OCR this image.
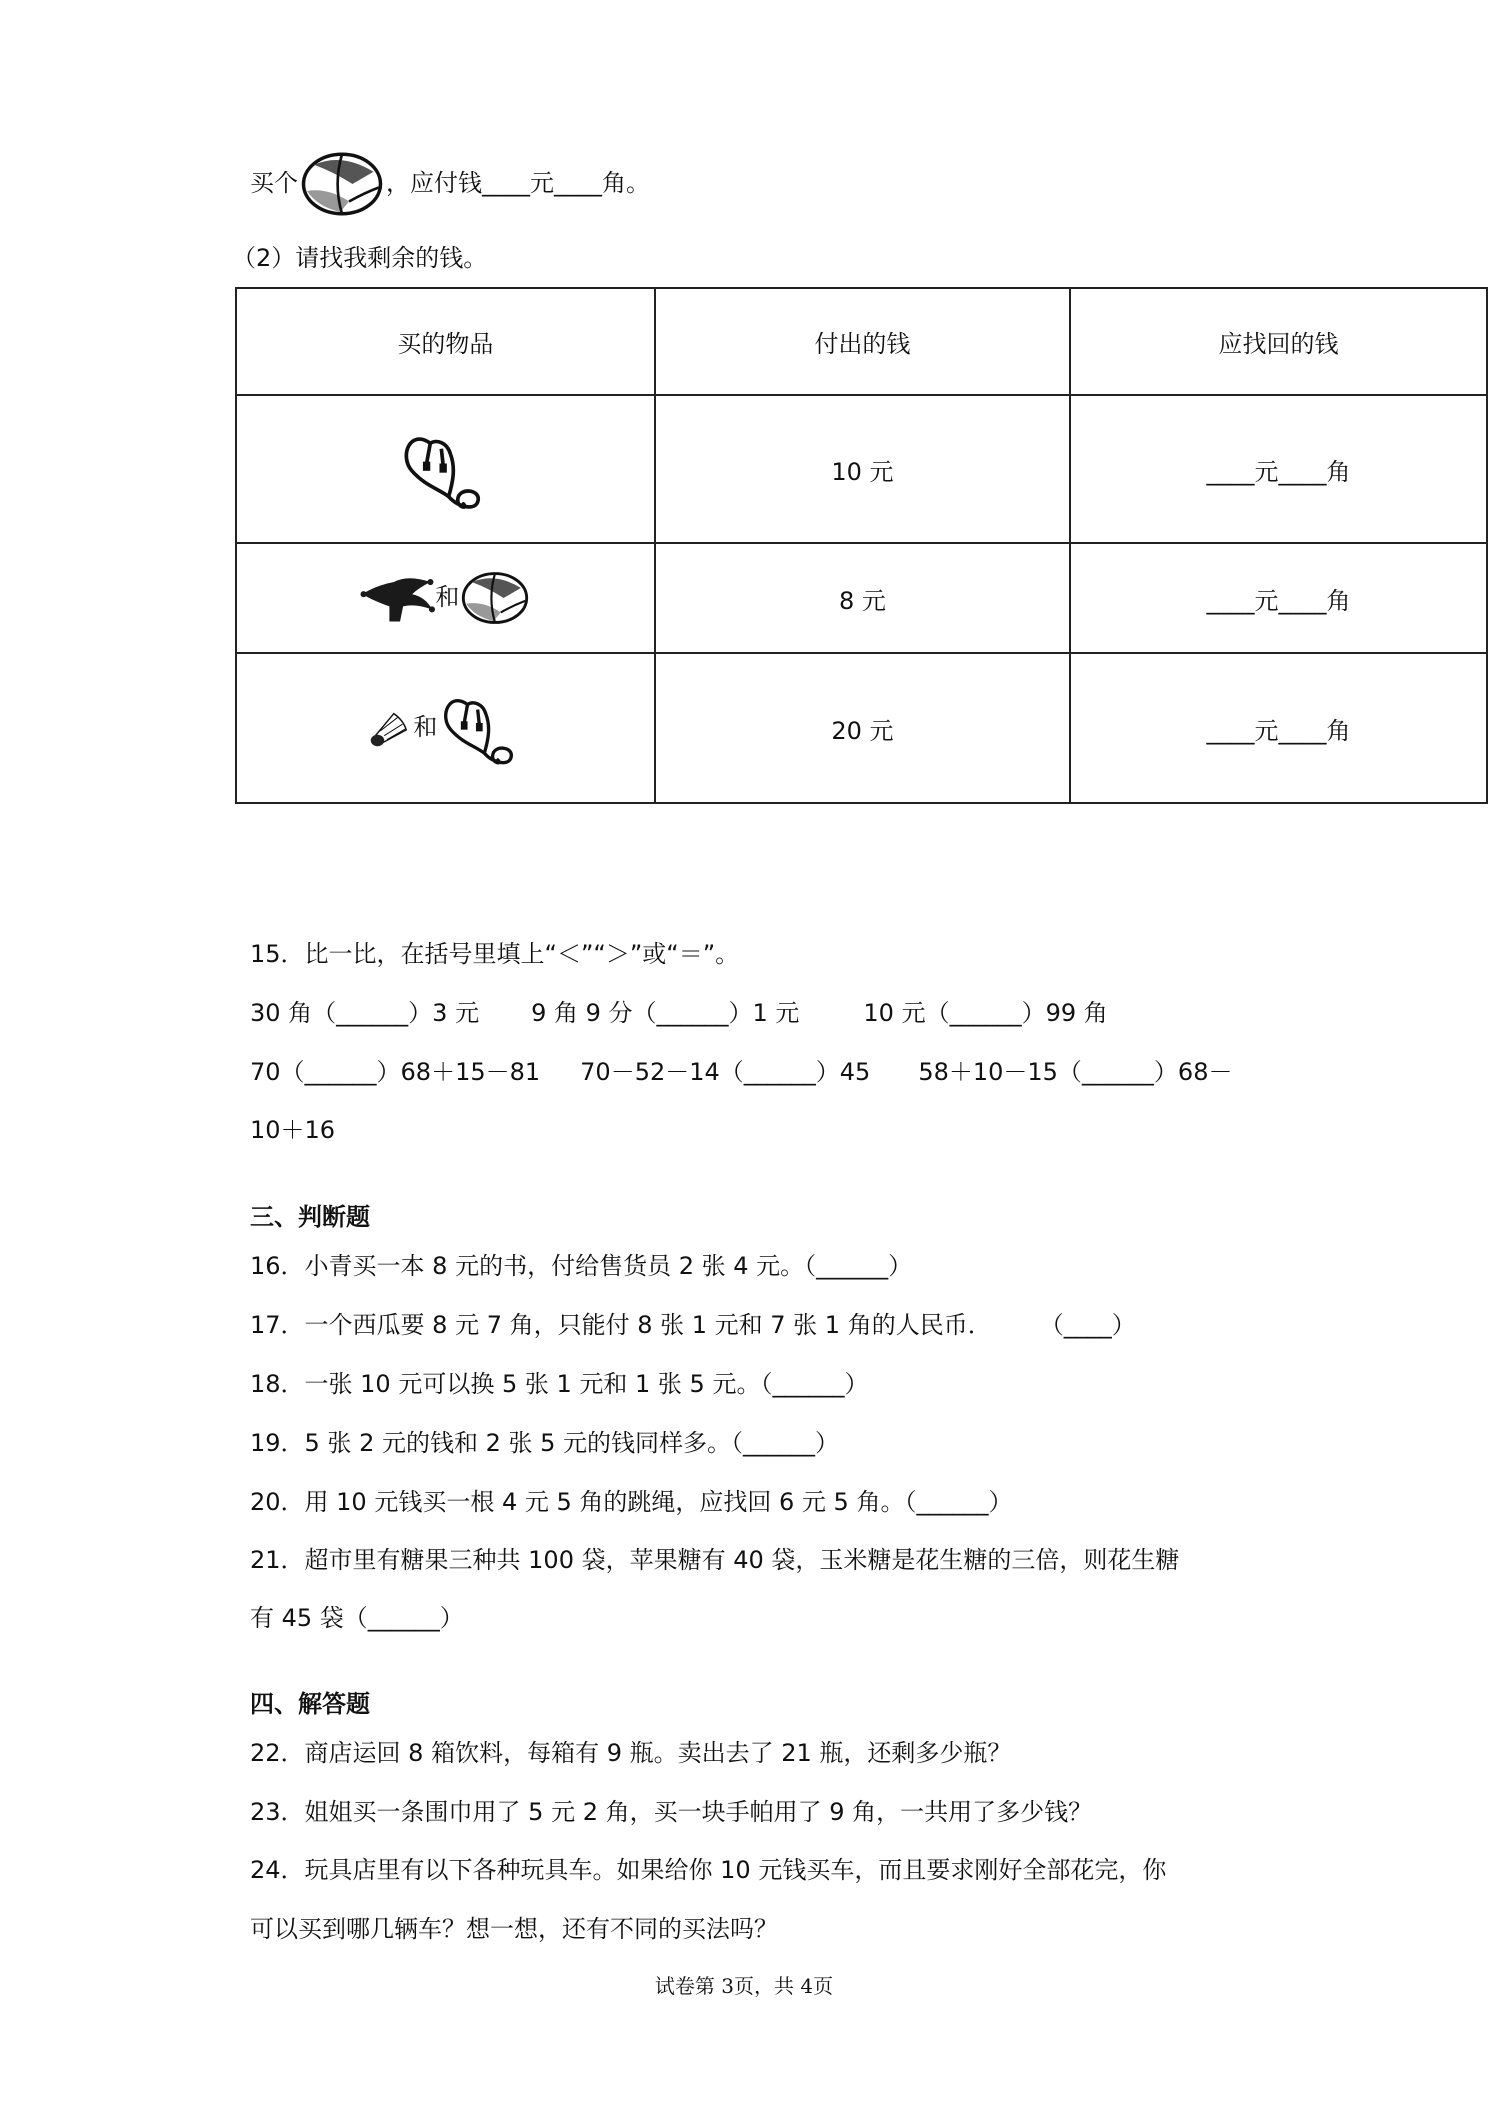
买个	，应付钱____元____角。
（2）请找我剩余的钱。
买的物品	付出的钱	应找回的钱
	10 元	____元____角
和	8 元	____元____角
和	20 元	____元____角
15．比一比，在括号里填上“＜”“＞”或“＝”。
30 角（______）3 元 9 角 9 分（______）1 元	10 元（______）99 角
70（______）68＋15－81 70－52－14（______）45 58＋10－15（______）68－
10＋16
三、判断题
16．小青买一本 8 元的书，付给售货员 2 张 4 元。（______）
17．一个西瓜要 8 元 7 角，只能付 8 张 1 元和 7 张 1 角的人民币．　　　（____）
18．一张 10 元可以换 5 张 1 元和 1 张 5 元。（______）
19．5 张 2 元的钱和 2 张 5 元的钱同样多。（______）
20．用 10 元钱买一根 4 元 5 角的跳绳，应找回 6 元 5 角。（______）
21．超市里有糖果三种共 100 袋，苹果糖有 40 袋，玉米糖是花生糖的三倍，则花生糖
有 45 袋（______）
四、解答题
22．商店运回 8 箱饮料，每箱有 9 瓶。卖出去了 21 瓶，还剩多少瓶？
23．姐姐买一条围巾用了 5 元 2 角，买一块手帕用了 9 角，一共用了多少钱？
24．玩具店里有以下各种玩具车。如果给你 10 元钱买车，而且要求刚好全部花完，你
可以买到哪几辆车？想一想，还有不同的买法吗？
试卷第 3页，共 4页
